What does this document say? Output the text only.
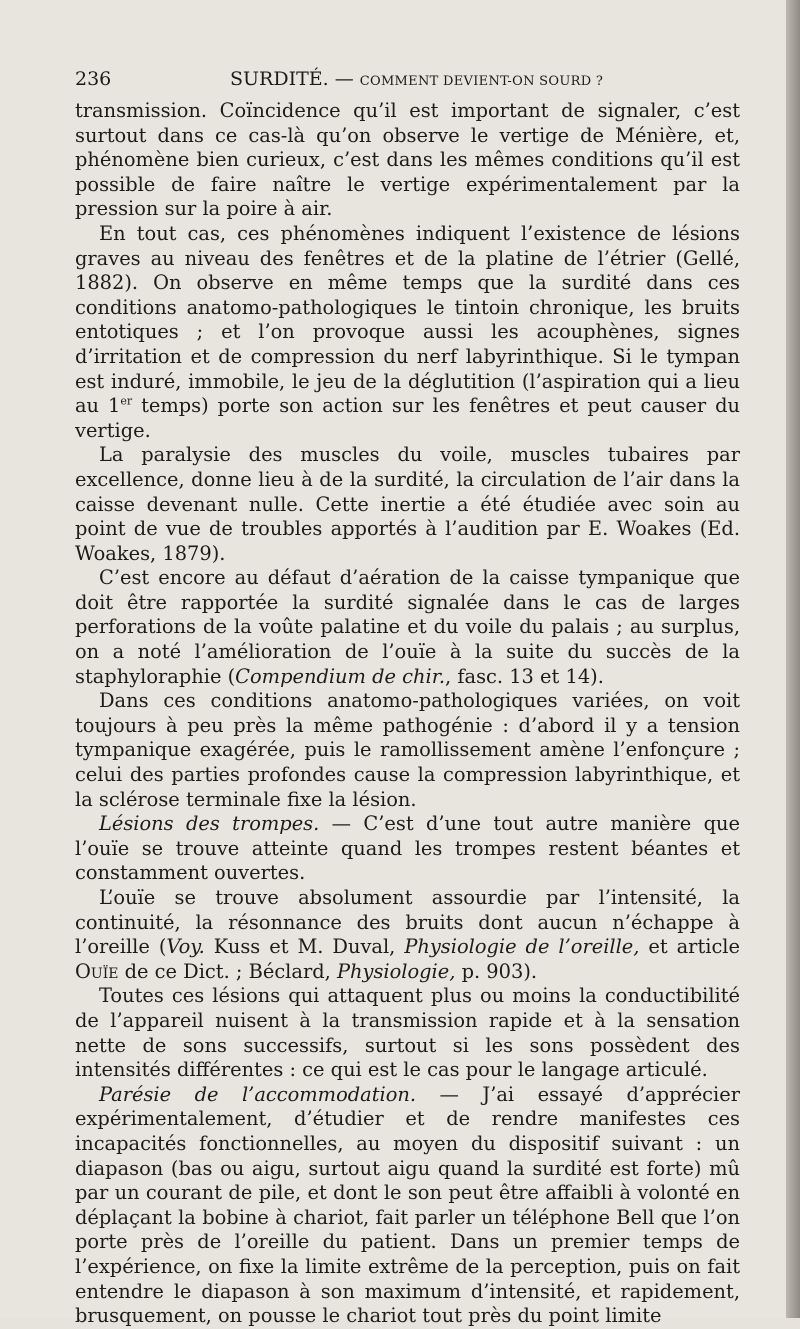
236	SURDITÉ. — COMMENT DEVIENT-ON SOURD ?

transmission. Coïncidence qu’il est important de signaler, c’est surtout dans ce cas-là qu’on observe le vertige de Ménière, et, phénomène bien curieux, c’est dans les mêmes conditions qu’il est possible de faire naître le vertige expérimentalement par la pression sur la poire à air.

En tout cas, ces phénomènes indiquent l’existence de lésions graves au niveau des fenêtres et de la platine de l’étrier (Gellé, 1882). On observe en même temps que la surdité dans ces conditions anatomo-pathologiques le tintoin chronique, les bruits entotiques ; et l’on provoque aussi les acouphènes, signes d’irritation et de compression du nerf labyrinthique. Si le tympan est induré, immobile, le jeu de la déglutition (l’aspiration qui a lieu au 1er temps) porte son action sur les fenêtres et peut causer du vertige.

La paralysie des muscles du voile, muscles tubaires par excellence, donne lieu à de la surdité, la circulation de l’air dans la caisse devenant nulle. Cette inertie a été étudiée avec soin au point de vue de troubles apportés à l’audition par E. Woakes (Ed. Woakes, 1879).

C’est encore au défaut d’aération de la caisse tympanique que doit être rapportée la surdité signalée dans le cas de larges perforations de la voûte palatine et du voile du palais ; au surplus, on a noté l’amélioration de l’ouïe à la suite du succès de la staphyloraphie (Compendium de chir., fasc. 13 et 14).

Dans ces conditions anatomo-pathologiques variées, on voit toujours à peu près la même pathogénie : d’abord il y a tension tympanique exagérée, puis le ramollissement amène l’enfonçure ; celui des parties profondes cause la compression labyrinthique, et la sclérose terminale fixe la lésion.

Lésions des trompes. — C’est d’une tout autre manière que l’ouïe se trouve atteinte quand les trompes restent béantes et constamment ouvertes.

L’ouïe se trouve absolument assourdie par l’intensité, la continuité, la résonnance des bruits dont aucun n’échappe à l’oreille (Voy. Kuss et M. Duval, Physiologie de l’oreille, et article Ouïe de ce Dict. ; Béclard, Physiologie, p. 903).

Toutes ces lésions qui attaquent plus ou moins la conductibilité de l’appareil nuisent à la transmission rapide et à la sensation nette de sons successifs, surtout si les sons possèdent des intensités différentes : ce qui est le cas pour le langage articulé.

Parésie de l’accommodation. — J’ai essayé d’apprécier expérimentalement, d’étudier et de rendre manifestes ces incapacités fonctionnelles, au moyen du dispositif suivant : un diapason (bas ou aigu, surtout aigu quand la surdité est forte) mû par un courant de pile, et dont le son peut être affaibli à volonté en déplaçant la bobine à chariot, fait parler un téléphone Bell que l’on porte près de l’oreille du patient. Dans un premier temps de l’expérience, on fixe la limite extrême de la perception, puis on fait entendre le diapason à son maximum d’intensité, et rapidement, brusquement, on pousse le chariot tout près du point limite
